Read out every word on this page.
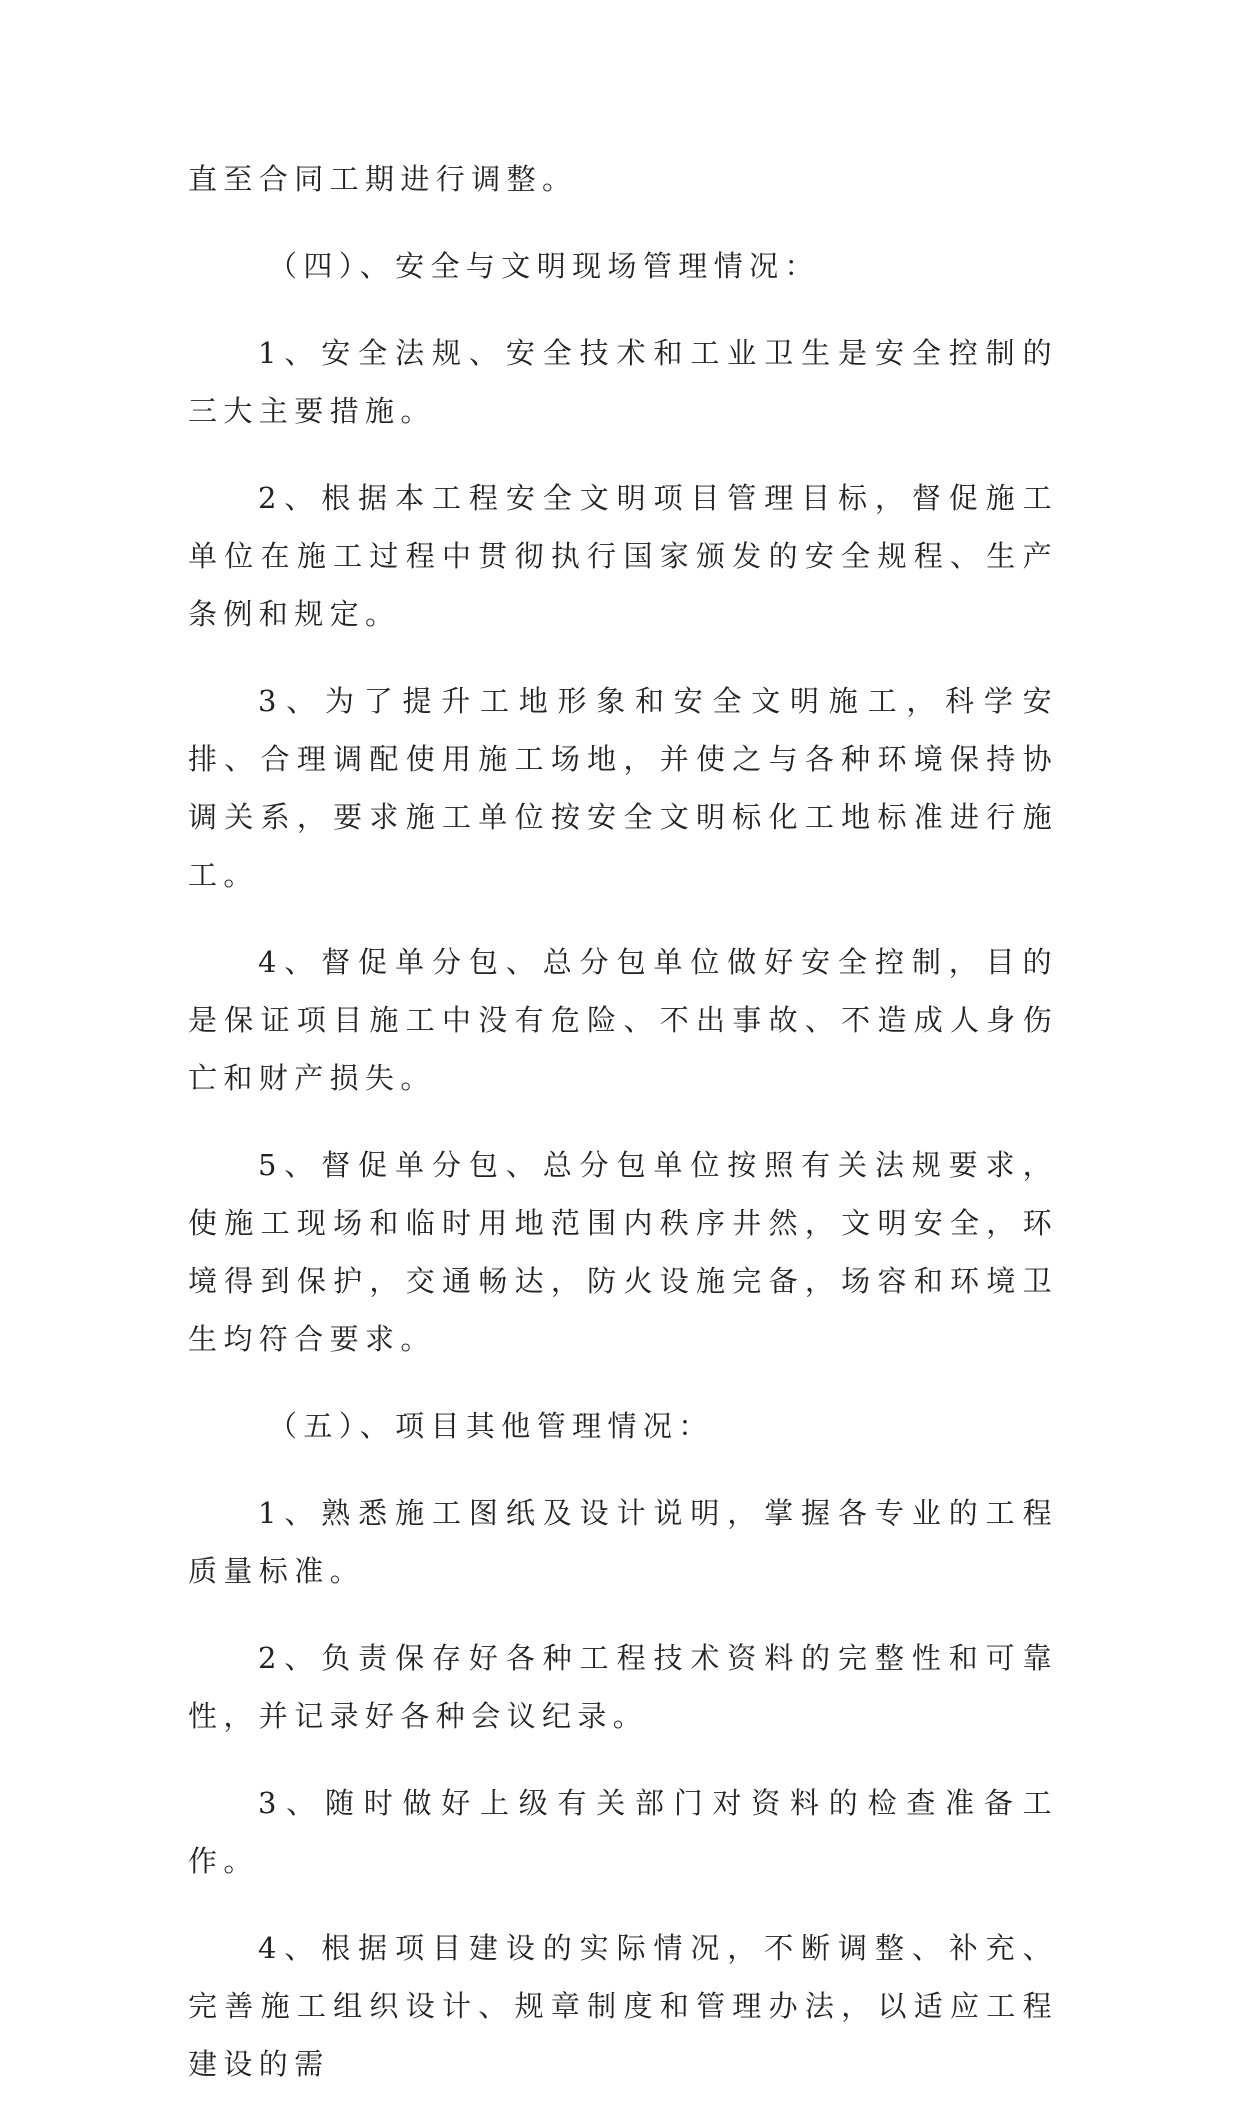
直至合同工期进行调整。

（四）、安全与文明现场管理情况：

1、安全法规、安全技术和工业卫生是安全控制的三大主要措施。

2、根据本工程安全文明项目管理目标，督促施工单位在施工过程中贯彻执行国家颁发的安全规程、生产条例和规定。

3、为了提升工地形象和安全文明施工，科学安排、合理调配使用施工场地，并使之与各种环境保持协调关系，要求施工单位按安全文明标化工地标准进行施工。

4、督促单分包、总分包单位做好安全控制，目的是保证项目施工中没有危险、不出事故、不造成人身伤亡和财产损失。

5、督促单分包、总分包单位按照有关法规要求，使施工现场和临时用地范围内秩序井然，文明安全，环境得到保护，交通畅达，防火设施完备，场容和环境卫生均符合要求。

（五）、项目其他管理情况：

1、熟悉施工图纸及设计说明，掌握各专业的工程质量标准。

2、负责保存好各种工程技术资料的完整性和可靠性，并记录好各种会议纪录。

3、随时做好上级有关部门对资料的检查准备工作。

4、根据项目建设的实际情况，不断调整、补充、完善施工组织设计、规章制度和管理办法，以适应工程建设的需
